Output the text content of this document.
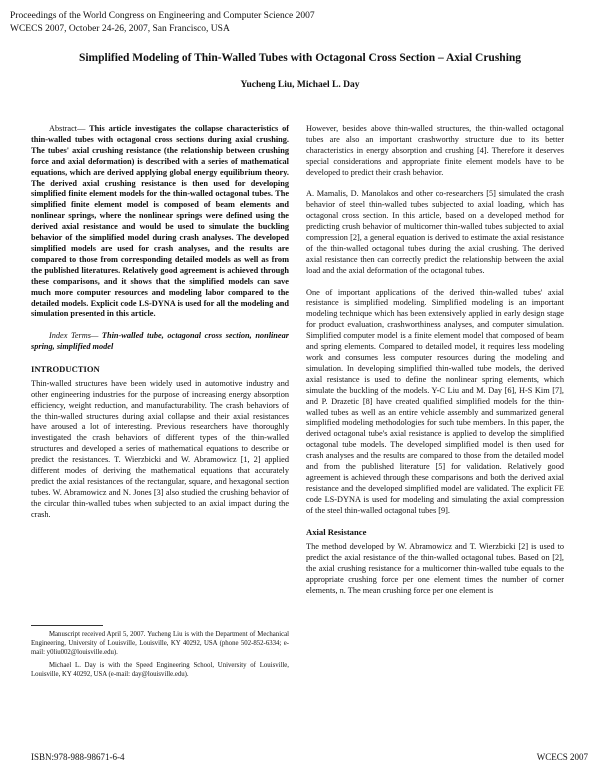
Proceedings of the World Congress on Engineering and Computer Science 2007
WCECS 2007, October 24-26, 2007, San Francisco, USA
Simplified Modeling of Thin-Walled Tubes with Octagonal Cross Section – Axial Crushing
Yucheng Liu, Michael L. Day

Abstract— This article investigates the collapse characteristics of thin-walled tubes with octagonal cross sections during axial crushing. The tubes' axial crushing resistance (the relationship between crushing force and axial deformation) is described with a series of mathematical equations, which are derived applying global energy equilibrium theory. The derived axial crushing resistance is then used for developing simplified finite element models for the thin-walled octagonal tubes. The simplified finite element model is composed of beam elements and nonlinear springs, where the nonlinear springs were defined using the derived axial resistance and would be used to simulate the buckling behavior of the simplified model during crash analyses. The developed simplified models are used for crash analyses, and the results are compared to those from corresponding detailed models as well as from the published literatures. Relatively good agreement is achieved through these comparisons, and it shows that the simplified models can save much more computer resources and modeling labor compared to the detailed models. Explicit code LS-DYNA is used for all the modeling and simulation presented in this article.

Index Terms— Thin-walled tube, octagonal cross section, nonlinear spring, simplified model

INTRODUCTION

Thin-walled structures have been widely used in automotive industry and other engineering industries for the purpose of increasing energy absorption efficiency, weight reduction, and manufacturability. The crash behaviors of the thin-walled structures during axial collapse and their axial resistances have aroused a lot of interesting. Previous researchers have thoroughly investigated the crash behaviors of different types of the thin-walled structures and developed a series of mathematical equations to describe or predict the resistances. T. Wierzbicki and W. Abramowicz [1, 2] applied different modes of deriving the mathematical equations that accurately predict the axial resistances of the rectangular, square, and hexagonal section tubes. W. Abramowicz and N. Jones [3] also studied the crushing behavior of the circular thin-walled tubes when subjected to an axial impact during the crash.

Manuscript received April 5, 2007. Yucheng Liu is with the Department of Mechanical Engineering, University of Louisville, Louisville, KY 40292, USA (phone 502-852-6334; e-mail: y0liu002@louisville.edu).

Michael L. Day is with the Speed Engineering School, University of Louisville, Louisville, KY 40292, USA (e-mail: day@louisville.edu).

However, besides above thin-walled structures, the thin-walled octagonal tubes are also an important crashworthy structure due to its better characteristics in energy absorption and crushing [4]. Therefore it deserves special considerations and appropriate finite element models have to be developed to predict their crash behavior.

A. Mamalis, D. Manolakos and other co-researchers [5] simulated the crash behavior of steel thin-walled tubes subjected to axial loading, which has octagonal cross section. In this article, based on a developed method for predicting crush behavior of multicorner thin-walled tubes subjected to axial compression [2], a general equation is derived to estimate the axial resistance of the thin-walled octagonal tubes during the axial crushing. The derived axial resistance then can correctly predict the relationship between the axial load and the axial deformation of the octagonal tubes.

One of important applications of the derived thin-walled tubes' axial resistance is simplified modeling. Simplified modeling is an important modeling technique which has been extensively applied in early design stage for product evaluation, crashworthiness analyses, and computer simulation. Simplified computer model is a finite element model that composed of beam and spring elements. Compared to detailed model, it requires less modeling work and consumes less computer resources during the modeling and simulation. In developing simplified thin-walled tube models, the derived axial resistance is used to define the nonlinear spring elements, which simulate the buckling of the models. Y-C Liu and M. Day [6], H-S Kim [7], and P. Drazetic [8] have created qualified simplified models for the thin-walled tubes as well as an entire vehicle assembly and summarized general simplified modeling methodologies for such tube members. In this paper, the derived octagonal tube's axial resistance is applied to develop the simplified octagonal tube models. The developed simplified model is then used for crash analyses and the results are compared to those from the detailed model and from the published literature [5] for validation. Relatively good agreement is achieved through these comparisons and both the derived axial resistance and the developed simplified model are validated. The explicit FE code LS-DYNA is used for modeling and simulating the axial compression of the steel thin-walled octagonal tubes [9].

Axial Resistance

The method developed by W. Abramowicz and T. Wierzbicki [2] is used to predict the axial resistance of the thin-walled octagonal tubes. Based on [2], the axial crushing resistance for a multicorner thin-walled tube equals to the appropriate crushing force per one element times the number of corner elements, n. The mean crushing force per one element is

ISBN:978-988-98671-6-4	WCECS 2007
